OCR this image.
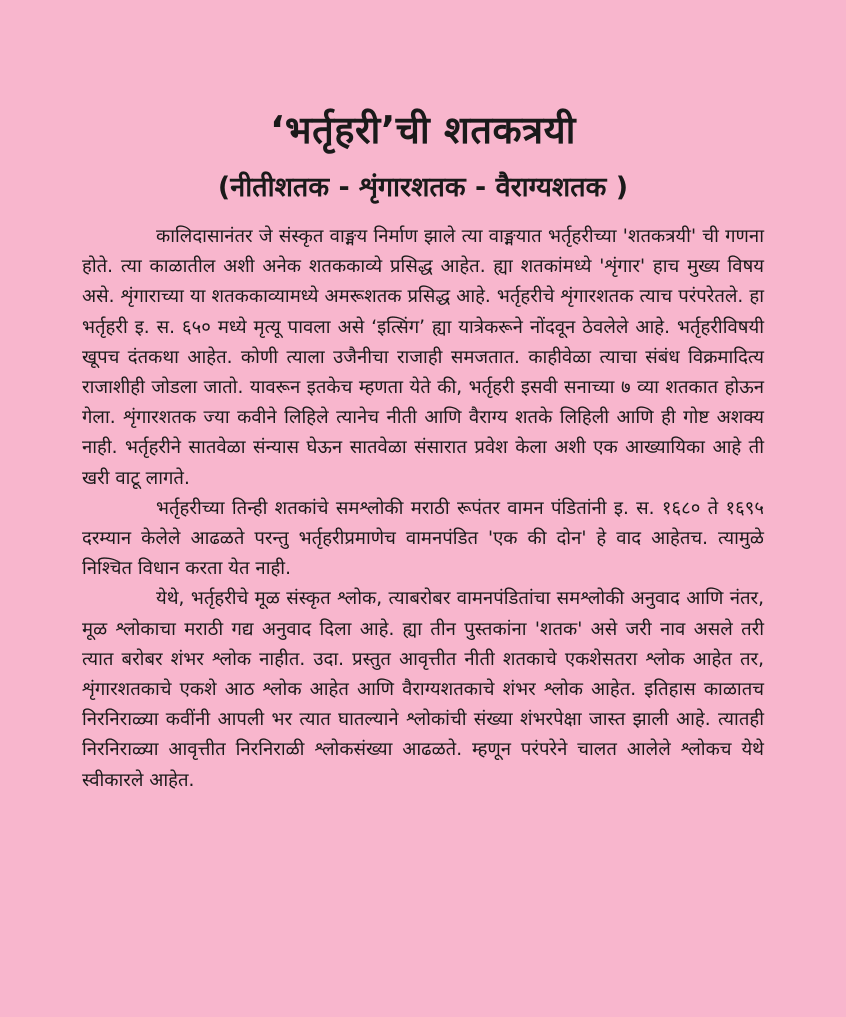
‘भर्तृहरी’ची शतकत्रयी
(नीतीशतक - शृंगारशतक - वैराग्यशतक )

कालिदासानंतर जे संस्कृत वाङ्मय निर्माण झाले त्या वाङ्मयात भर्तृहरीच्या 'शतकत्रयी' ची गणना होते. त्या काळातील अशी अनेक शतककाव्ये प्रसिद्ध आहेत. ह्या शतकांमध्ये 'शृंगार' हाच मुख्य विषय असे. शृंगाराच्या या शतककाव्यामध्ये अमरूशतक प्रसिद्ध आहे. भर्तृहरीचे शृंगारशतक त्याच परंपरेतले. हा भर्तृहरी इ. स. ६५० मध्ये मृत्यू पावला असे ‘इत्सिंग’ ह्या यात्रेकरूने नोंदवून ठेवलेले आहे. भर्तृहरीविषयी खूपच दंतकथा आहेत. कोणी त्याला उजैनीचा राजाही समजतात. काहीवेळा त्याचा संबंध विक्रमादित्य राजाशीही जोडला जातो. यावरून इतकेच म्हणता येते की, भर्तृहरी इसवी सनाच्या ७ व्या शतकात होऊन गेला. शृंगारशतक ज्या कवीने लिहिले त्यानेच नीती आणि वैराग्य शतके लिहिली आणि ही गोष्ट अशक्य नाही. भर्तृहरीने सातवेळा संन्यास घेऊन सातवेळा संसारात प्रवेश केला अशी एक आख्यायिका आहे ती खरी वाटू लागते.

भर्तृहरीच्या तिन्ही शतकांचे समश्लोकी मराठी रूपंतर वामन पंडितांनी इ. स. १६८० ते १६९५ दरम्यान केलेले आढळते परन्तु भर्तृहरीप्रमाणेच वामनपंडित 'एक की दोन' हे वाद आहेतच. त्यामुळे निश्चित विधान करता येत नाही.

येथे, भर्तृहरीचे मूळ संस्कृत श्लोक, त्याबरोबर वामनपंडितांचा समश्लोकी अनुवाद आणि नंतर, मूळ श्लोकाचा मराठी गद्य अनुवाद दिला आहे. ह्या तीन पुस्तकांना 'शतक' असे जरी नाव असले तरी त्यात बरोबर शंभर श्लोक नाहीत. उदा. प्रस्तुत आवृत्तीत नीती शतकाचे एकशेसतरा श्लोक आहेत तर, शृंगारशतकाचे एकशे आठ श्लोक आहेत आणि वैराग्यशतकाचे शंभर श्लोक आहेत. इतिहास काळातच निरनिराळ्या कवींनी आपली भर त्यात घातल्याने श्लोकांची संख्या शंभरपेक्षा जास्त झाली आहे. त्यातही निरनिराळ्या आवृत्तीत निरनिराळी श्लोकसंख्या आढळते. म्हणून परंपरेने चालत आलेले श्लोकच येथे स्वीकारले आहेत.
